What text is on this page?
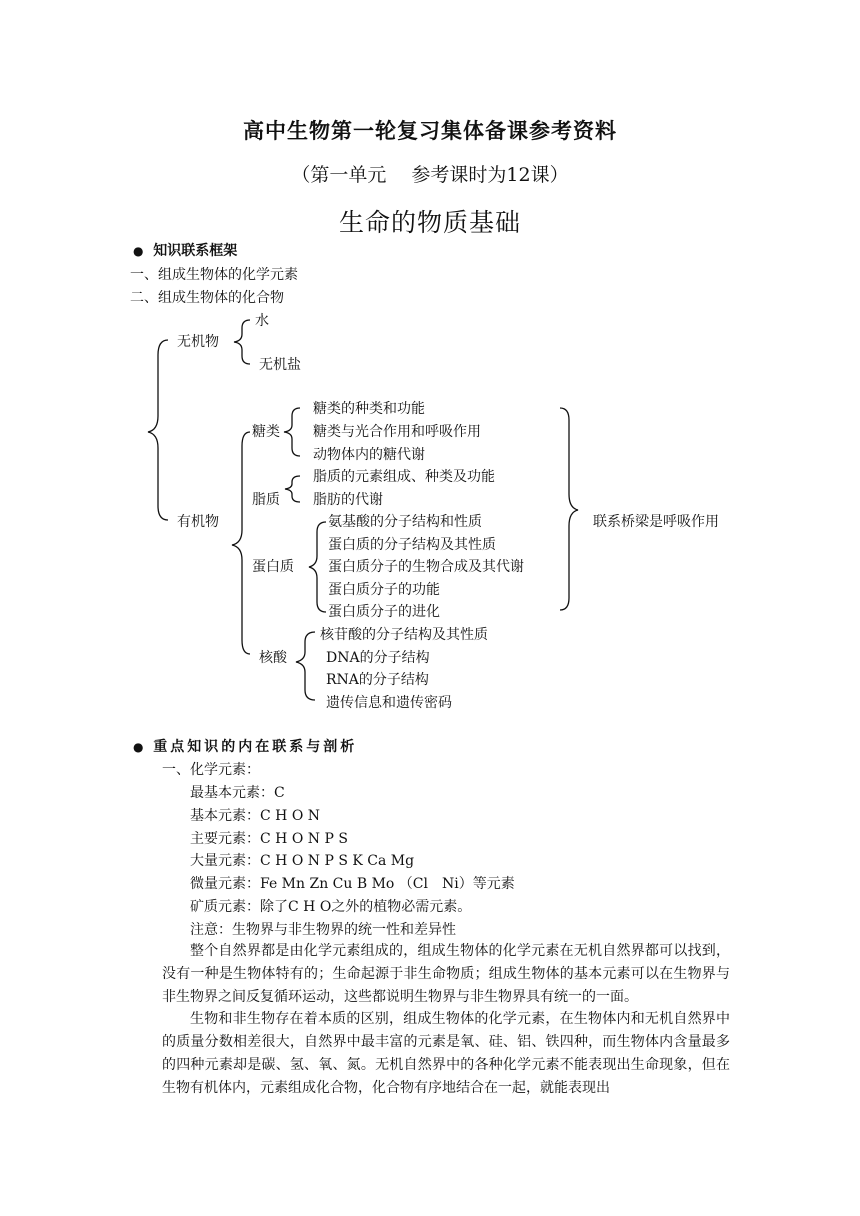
高中生物第一轮复习集体备课参考资料
（第一单元　 参考课时为12课）
生命的物质基础
● 知识联系框架
一、组成生物体的化学元素
二、组成生物体的化合物
无机物
水
无机盐
有机物
糖类
糖类的种类和功能
糖类与光合作用和呼吸作用
动物体内的糖代谢
脂质
脂质的元素组成、种类及功能
脂肪的代谢
蛋白质
氨基酸的分子结构和性质
蛋白质的分子结构及其性质
蛋白质分子的生物合成及其代谢
蛋白质分子的功能
蛋白质分子的进化
核酸
核苷酸的分子结构及其性质
DNA的分子结构
RNA的分子结构
遗传信息和遗传密码
联系桥梁是呼吸作用
● 重点知识的内在联系与剖析
一、化学元素：
最基本元素：C
基本元素：C H O N
主要元素：C H O N P S
大量元素：C H O N P S K Ca Mg
微量元素：Fe Mn Zn Cu B Mo （Cl　Ni）等元素
矿质元素：除了C H O之外的植物必需元素。
注意：生物界与非生物界的统一性和差异性
整个自然界都是由化学元素组成的，组成生物体的化学元素在无机自然界都可以找到，没有一种是生物体特有的；生命起源于非生命物质；组成生物体的基本元素可以在生物界与非生物界之间反复循环运动，这些都说明生物界与非生物界具有统一的一面。
生物和非生物存在着本质的区别，组成生物体的化学元素，在生物体内和无机自然界中的质量分数相差很大，自然界中最丰富的元素是氧、硅、铝、铁四种，而生物体内含量最多的四种元素却是碳、氢、氧、氮。无机自然界中的各种化学元素不能表现出生命现象，但在生物有机体内，元素组成化合物，化合物有序地结合在一起，就能表现出
